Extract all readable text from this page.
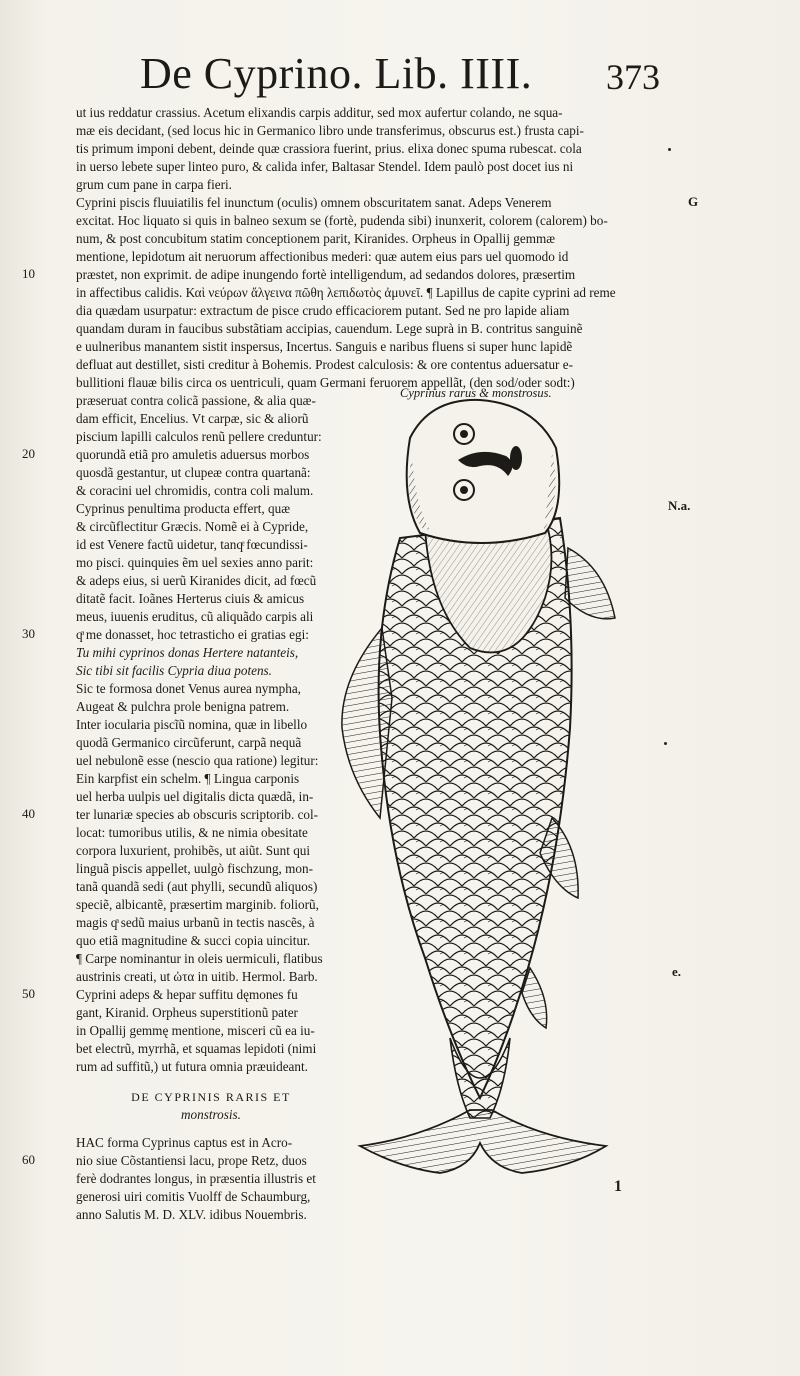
De Cyprino. Lib. IIII. 373
ut ius reddatur crassius. Acetum elixandis carpis additur, sed mox aufertur colando, ne squa-
mæ eis decidant, (sed locus hic in Germanico libro unde transferimus, obscurus est.) frusta capi-
tis primum imponi debent, deinde quæ crassiora fuerint, prius. elixa donec spuma rubescat. cola
in uerso lebete super linteo puro, & calida infer, Baltasar Stendel. Idem paulò post docet ius ni
grum cum pane in carpa fieri.
Cyprini piscis fluuiatilis fel inunctum (oculis) omnem obscuritatem sanat. Adeps Venerem
excitat. Hoc liquato si quis in balneo sexum se (fortè, pudenda sibi) inunxerit, colorem (calorem) bo-
num, & post concubitum statim conceptionem parit, Kiranides. Orpheus in Opallij gemmæ
mentione, lepidotum ait neruorum affectionibus mederi: quæ autem eius pars uel quomodo id
præstet, non exprimit. de adipe inungendo fortè intelligendum, ad sedandos dolores, præsertim
in affectibus calidis. Καὶ νεύρων ἄλγεινα πῶθη λεπιδωτὸς ἀμυνεῖ. ¶ Lapillus de capite cyprini ad reme
dia quædam usurpatur: extractum de pisce crudo efficaciorem putant. Sed ne pro lapide aliam
quandam duram in faucibus substãtiam accipias, cauendum. Lege suprà in B. contritus sanguinẽ
e uulneribus manantem sistit inspersus, Incertus. Sanguis e naribus fluens si super hunc lapidẽ
defluat aut destillet, sisti creditur à Bohemis. Prodest calculosis: & ore contentus aduersatur e-
bullitioni flauæ bilis circa os uentriculi, quam Germani feruorem appellãt, (den sod/oder sodt:)
Cyprinus rarus & monstrosus.
præseruat contra colicã passione, & alia quæ-
dam efficit, Encelius. Vt carpæ, sic & aliorũ
piscium lapilli calculos renũ pellere creduntur:
quorundã etiã pro amuletis aduersus morbos
quosdã gestantur, ut clupeæ contra quartanã:
& coracini uel chromidis, contra coli malum.
Cyprinus penultima producta effert, quæ
& circũflectitur Græcis. Nomẽ ei à Cypride,
id est Venere factũ uidetur, tanqͤ fœcundissi-
mo pisci. quinquies ẽm uel sexies anno parit:
& adeps eius, si uerũ Kiranides dicit, ad fœcũ
ditatẽ facit. Ioãnes Herterus ciuis & amicus
meus, iuuenis eruditus, cũ aliquãdo carpis ali
qͣ me donasset, hoc tetrasticho ei gratias egi:
Tu mihi cyprinos donas Hertere natanteis,
Sic tibi sit facilis Cypria diua potens.
Sic te formosa donet Venus aurea nympha,
Augeat & pulchra prole benigna patrem.
Inter iocularia piscĩũ nomina, quæ in libello
quodã Germanico circũferunt, carpã nequã
uel nebulonẽ esse (nescio qua ratione) legitur:
Ein karpfist ein schelm. ¶ Lingua carponis
uel herba uulpis uel digitalis dicta quædã, in-
ter lunariæ species ab obscuris scriptorib. col-
locat: tumoribus utilis, & ne nimia obesitate
corpora luxurient, prohibẽs, ut aiũt. Sunt qui
linguã piscis appellet, uulgò fischzung, mon-
tanã quandã sedi (aut phylli, secundũ aliquos)
speciẽ, albicantẽ, præsertim marginib. foliorũ,
magis qͣ sedũ maius urbanũ in tectis nascẽs, à
quo etiã magnitudine & succi copia uincitur.
¶ Carpe nominantur in oleis uermiculi, flatibus
austrinis creati, ut ὠτα in uitib. Hermol. Barb.
Cyprini adeps & hepar suffitu dęmones fu
gant, Kiranid. Orpheus superstitionũ pater
in Opallij gemmę mentione, misceri cũ ea iu-
bet electrũ, myrrhã, et squamas lepidoti (nimi
rum ad suffitũ,) ut futura omnia præuideant.
DE CYPRINIS RARIS ET
monstrosis.
HAC forma Cyprinus captus est in Acro-
nio siue Cõstantiensi lacu, prope Retz, duos
ferè dodrantes longus, in præsentia illustris et
generosi uiri comitis Vuolff de Schaumburg,
anno Salutis M. D. XLV. idibus Nouembris.
10
20
30
40
50
60
G
N.a.
e.
1
